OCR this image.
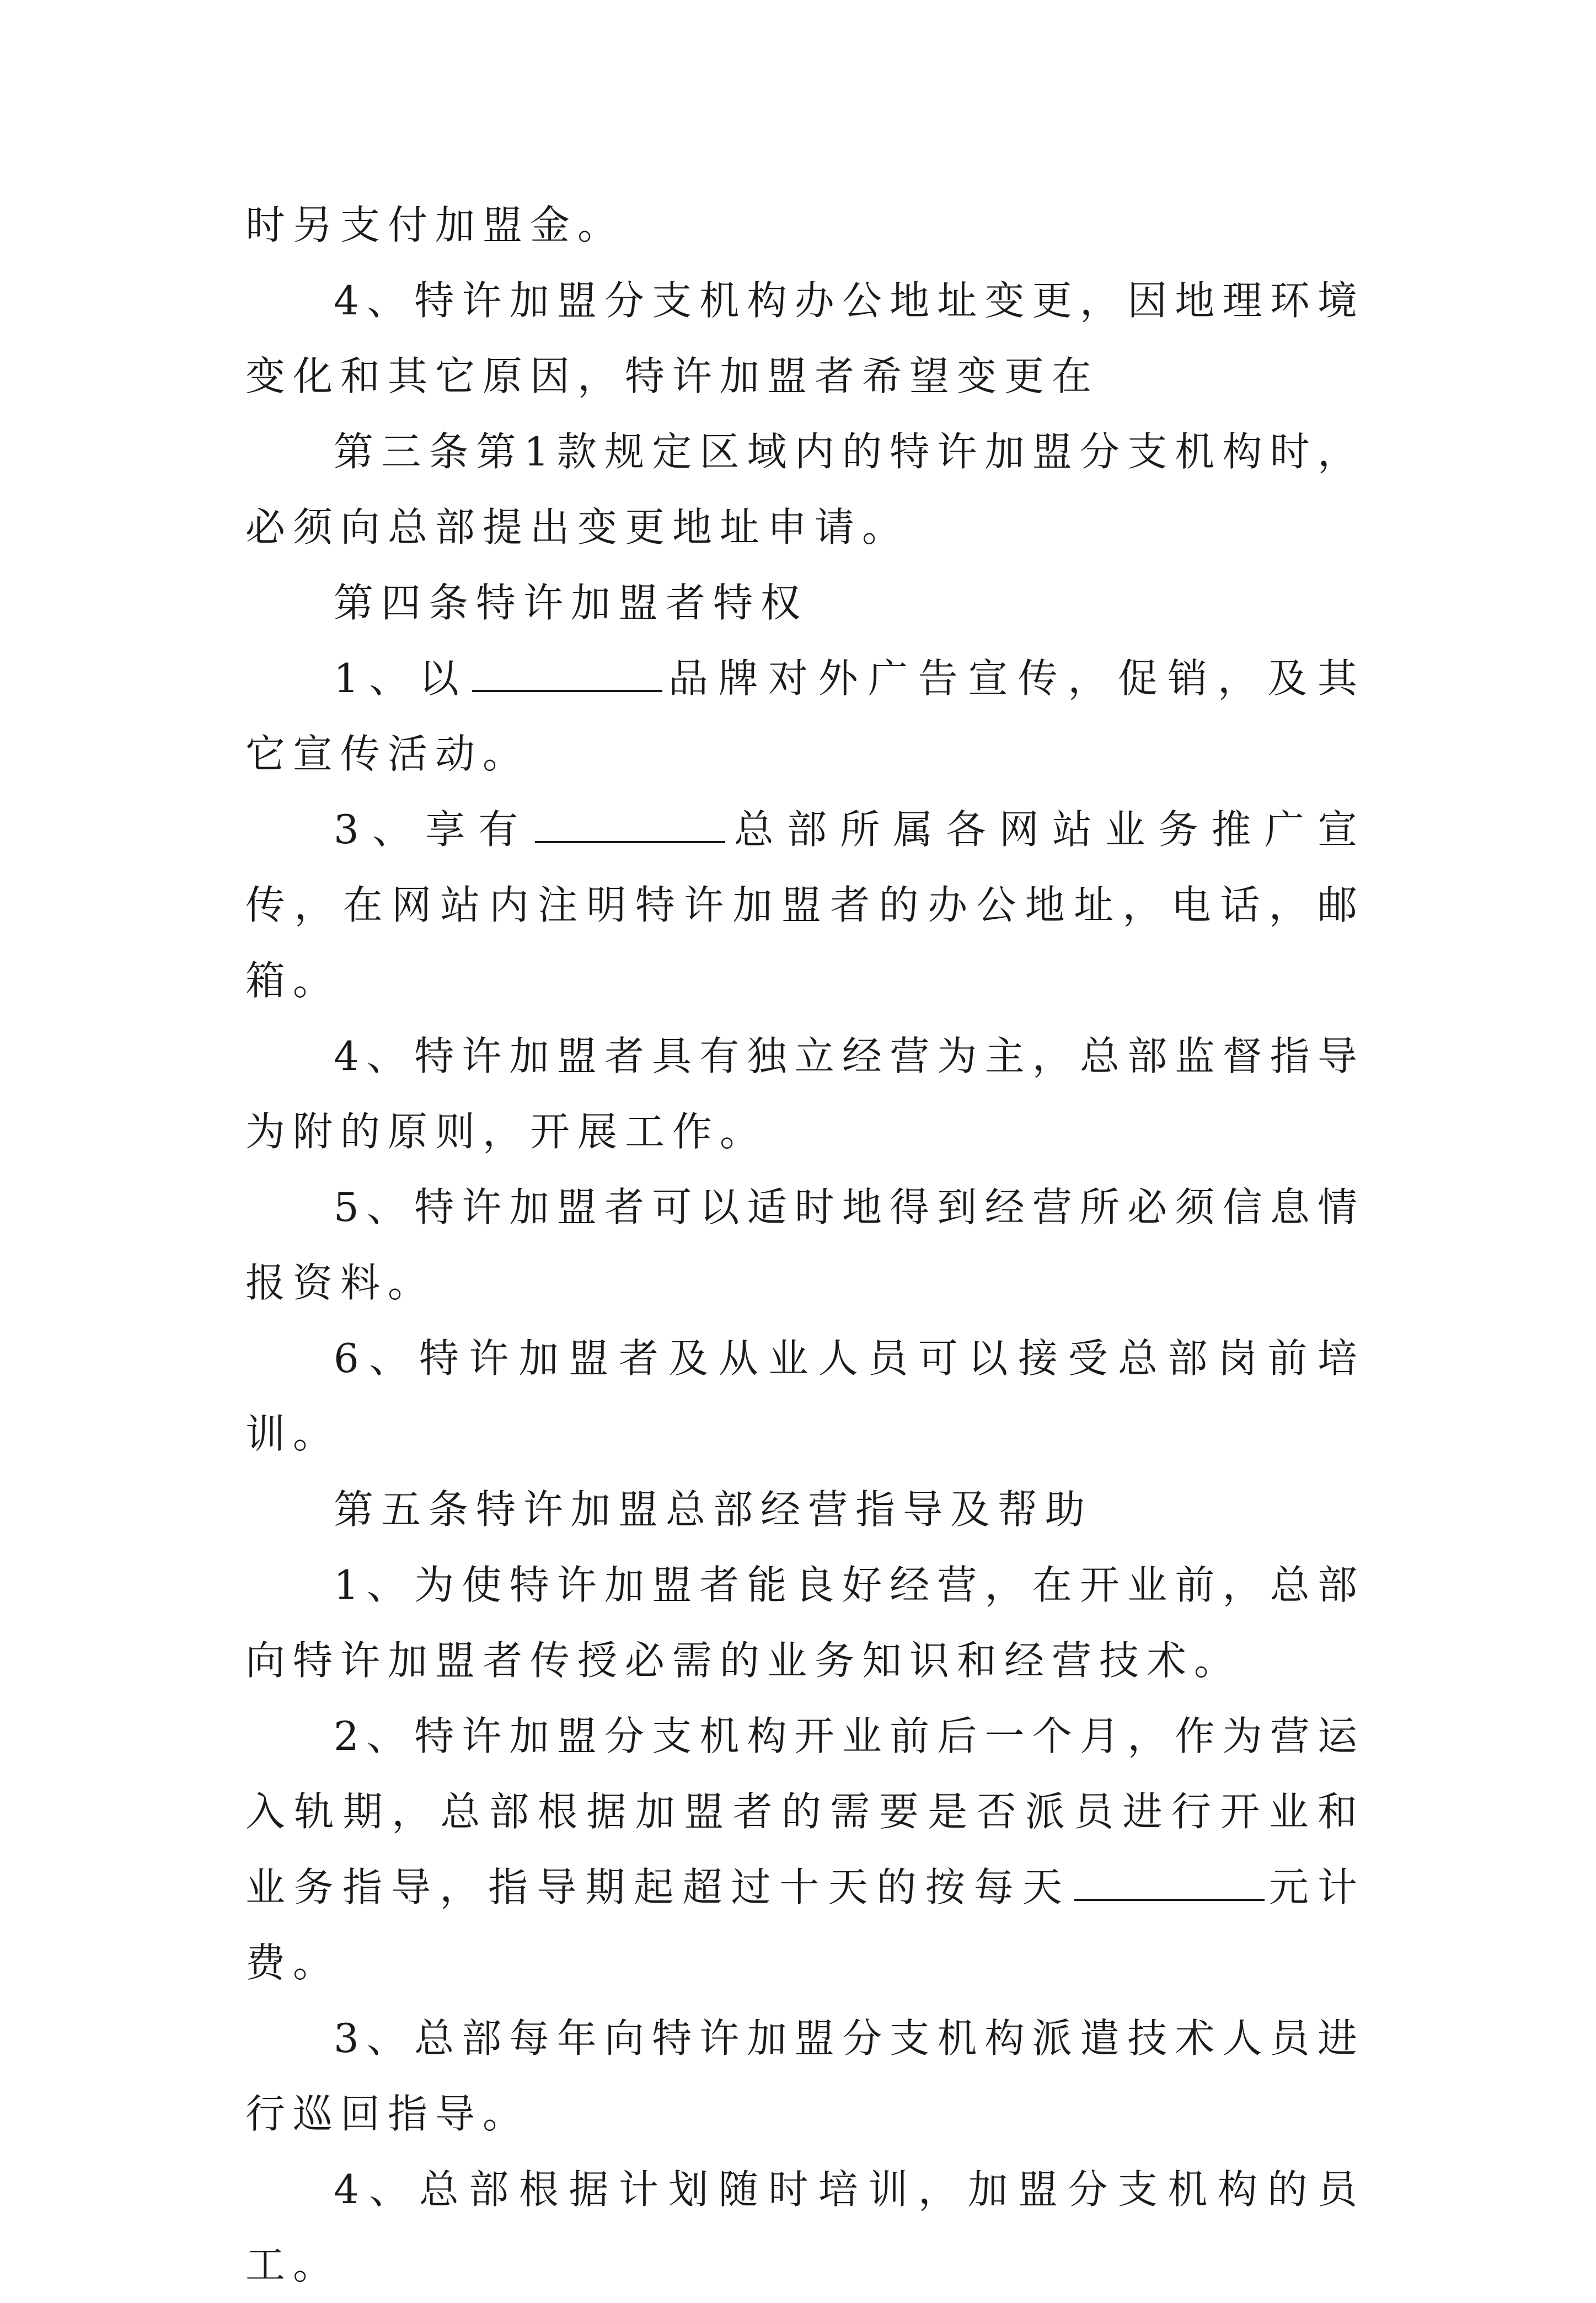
时另支付加盟金。

4、特许加盟分支机构办公地址变更，因地理环境变化和其它原因，特许加盟者希望变更在

第三条第1款规定区域内的特许加盟分支机构时，必须向总部提出变更地址申请。

第四条特许加盟者特权

1、以	品牌对外广告宣传，促销，及其它宣传活动。

3、享有	总部所属各网站业务推广宣传，在网站内注明特许加盟者的办公地址，电话，邮箱。

4、特许加盟者具有独立经营为主，总部监督指导为附的原则，开展工作。

5、特许加盟者可以适时地得到经营所必须信息情报资料。

6、特许加盟者及从业人员可以接受总部岗前培训。

第五条特许加盟总部经营指导及帮助

1、为使特许加盟者能良好经营，在开业前，总部向特许加盟者传授必需的业务知识和经营技术。

2、特许加盟分支机构开业前后一个月，作为营运入轨期，总部根据加盟者的需要是否派员进行开业和业务指导，指导期起超过十天的按每天	元计费。

3、总部每年向特许加盟分支机构派遣技术人员进行巡回指导。

4、总部根据计划随时培训，加盟分支机构的员工。
